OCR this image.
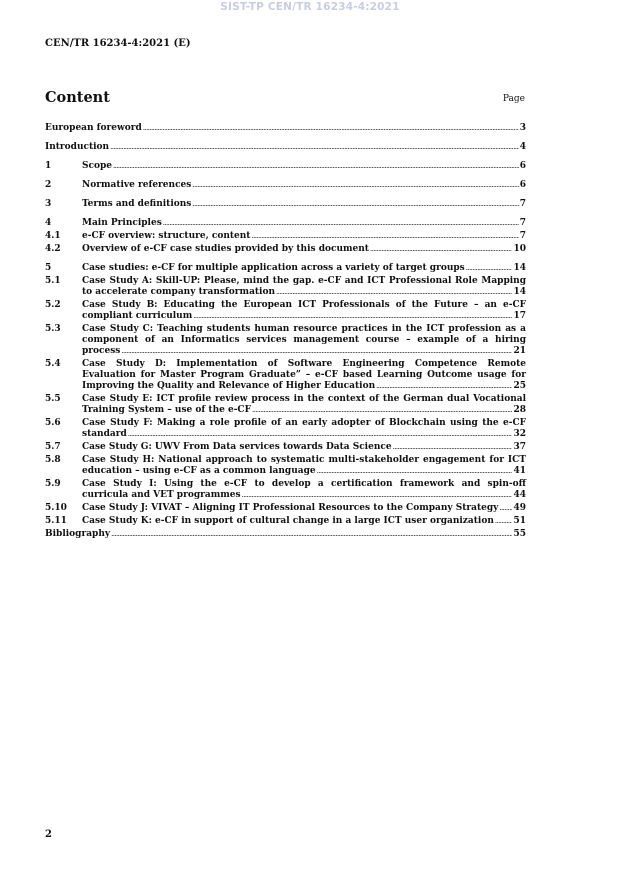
SIST-TP CEN/TR 16234-4:2021
CEN/TR 16234-4:2021 (E)
Content	Page
European foreword .....	3
Introduction .....	4
1	Scope .....	6
2	Normative references .....	6
3	Terms and definitions .....	7
4	Main Principles .....	7
4.1	e-CF overview: structure, content .....	7
4.2	Overview of e-CF case studies provided by this document .....	10
5	Case studies: e-CF for multiple application across a variety of target groups .....	14
5.1	Case Study A: Skill-UP: Please, mind the gap. e-CF and ICT Professional Role Mapping
to accelerate company transformation .....	14
5.2	Case Study B: Educating the European ICT Professionals of the Future – an e-CF
compliant curriculum .....	17
5.3	Case Study C: Teaching students human resource practices in the ICT profession as a
component of an Informatics services management course – example of a hiring
process .....	21
5.4	Case Study D: Implementation of Software Engineering Competence Remote
Evaluation for Master Program Graduate” – e-CF based Learning Outcome usage for
Improving the Quality and Relevance of Higher Education .....	25
5.5	Case Study E: ICT profile review process in the context of the German dual Vocational
Training System – use of the e-CF .....	28
5.6	Case Study F: Making a role profile of an early adopter of Blockchain using the e-CF
standard .....	32
5.7	Case Study G: UWV From Data services towards Data Science .....	37
5.8	Case Study H: National approach to systematic multi-stakeholder engagement for ICT
education – using e-CF as a common language .....	41
5.9	Case Study I: Using the e-CF to develop a certification framework and spin-off
curricula and VET programmes .....	44
5.10	Case Study J: VIVAT – Aligning IT Professional Resources to the Company Strategy ..... 49
5.11	Case Study K: e-CF in support of cultural change in a large ICT user organization ..... 51
Bibliography .....	55
2
